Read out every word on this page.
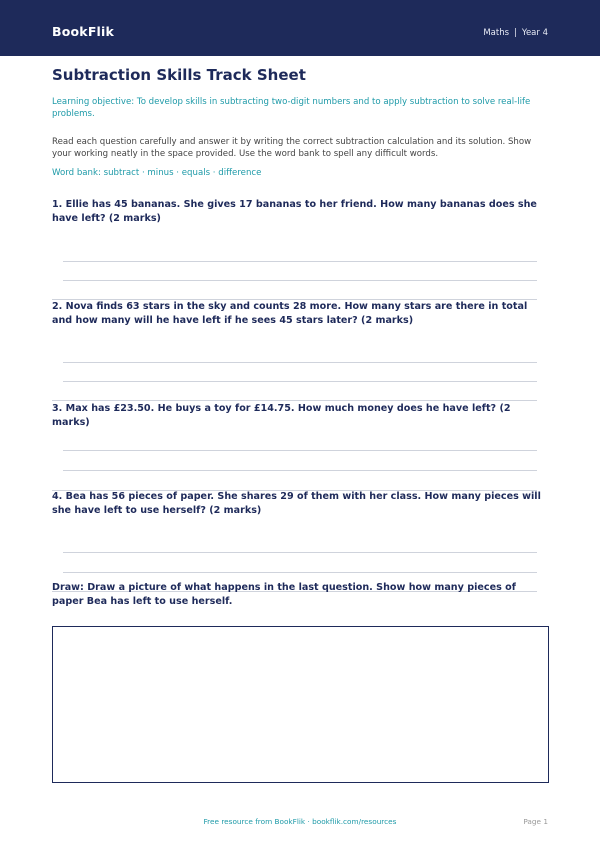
BookFlik	Maths | Year 4
Subtraction Skills Track Sheet
Learning objective: To develop skills in subtracting two-digit numbers and to apply subtraction to solve real-life problems.
Read each question carefully and answer it by writing the correct subtraction calculation and its solution. Show your working neatly in the space provided. Use the word bank to spell any difficult words.
Word bank: subtract · minus · equals · difference
1. Ellie has 45 bananas. She gives 17 bananas to her friend. How many bananas does she have left? (2 marks)
2. Nova finds 63 stars in the sky and counts 28 more. How many stars are there in total and how many will he have left if he sees 45 stars later? (2 marks)
3. Max has £23.50. He buys a toy for £14.75. How much money does he have left? (2 marks)
4. Bea has 56 pieces of paper. She shares 29 of them with her class. How many pieces will she have left to use herself? (2 marks)
Draw: Draw a picture of what happens in the last question. Show how many pieces of paper Bea has left to use herself.
Free resource from BookFlik · bookflik.com/resources	Page 1
